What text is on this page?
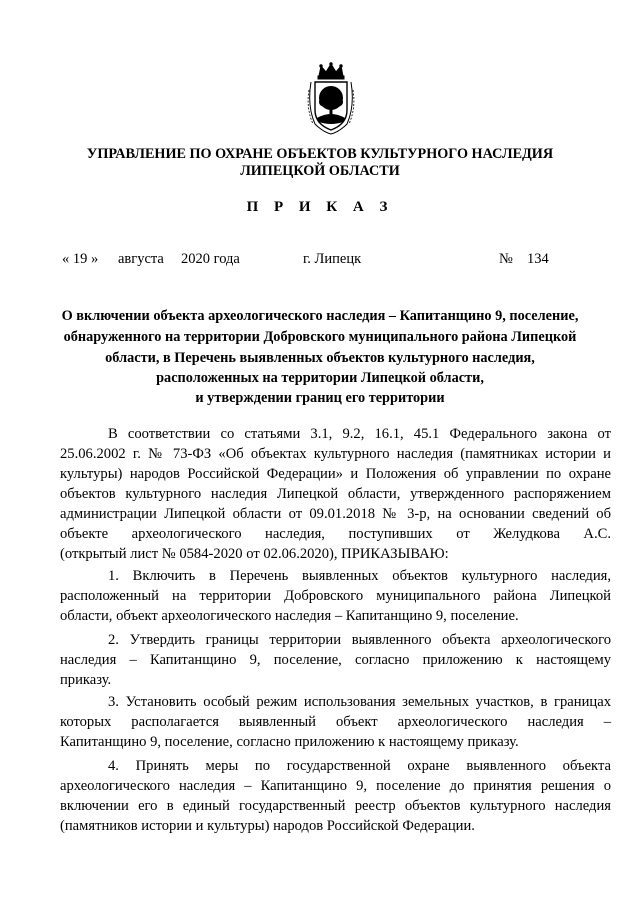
УПРАВЛЕНИЕ ПО ОХРАНЕ ОБЪЕКТОВ КУЛЬТУРНОГО НАСЛЕДИЯ
ЛИПЕЦКОЙ ОБЛАСТИ
П Р И К А З
« 19 » августа 2020 года	г. Липецк	№ 134
О включении объекта археологического наследия – Капитанщино 9, поселение,
обнаруженного на территории Добровского муниципального района Липецкой
области, в Перечень выявленных объектов культурного наследия,
расположенных на территории Липецкой области,
и утверждении границ его территории
В соответствии со статьями 3.1, 9.2, 16.1, 45.1 Федерального закона от
25.06.2002 г. № 73-ФЗ «Об объектах культурного наследия (памятниках истории и
культуры) народов Российской Федерации» и Положения об управлении по охране
объектов культурного наследия Липецкой области, утвержденного распоряжением
администрации Липецкой области от 09.01.2018 № 3-р, на основании сведений об
объекте археологического наследия, поступивших от Желудкова А.С.
(открытый лист № 0584-2020 от 02.06.2020), ПРИКАЗЫВАЮ:
1. Включить в Перечень выявленных объектов культурного наследия,
расположенный на территории Добровского муниципального района Липецкой
области, объект археологического наследия – Капитанщино 9, поселение.
2. Утвердить границы территории выявленного объекта археологического
наследия – Капитанщино 9, поселение, согласно приложению к настоящему
приказу.
3. Установить особый режим использования земельных участков, в границах
которых располагается выявленный объект археологического наследия –
Капитанщино 9, поселение, согласно приложению к настоящему приказу.
4. Принять меры по государственной охране выявленного объекта
археологического наследия – Капитанщино 9, поселение до принятия решения о
включении его в единый государственный реестр объектов культурного наследия
(памятников истории и культуры) народов Российской Федерации.
